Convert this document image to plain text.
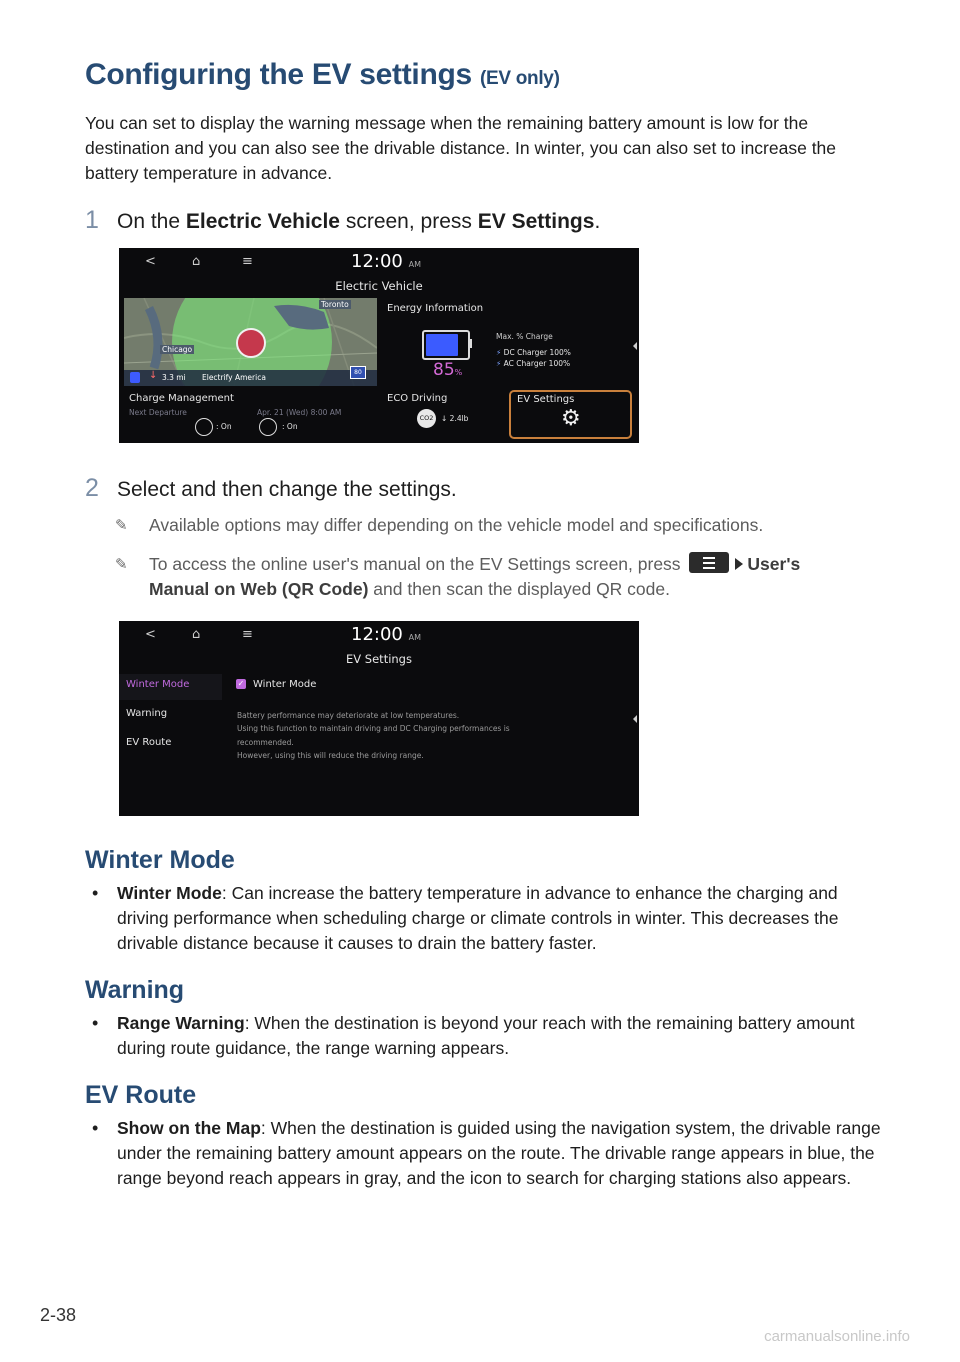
Configuring the EV settings (EV only)

You can set to display the warning message when the remaining battery amount is low for the destination and you can also see the drivable distance. In winter, you can also set to increase the battery temperature in advance.

1 On the Electric Vehicle screen, press EV Settings.
<	⌂	≡	12:00 AM
Electric Vehicle
Toronto
Chicago
↓ 3.3 mi Electrify America
80
Energy Information
85%
Max. % Charge
⚡ DC Charger 100%
⚡ AC Charger 100%
Charge Management
Next Departure	Apr. 21 (Wed) 8:00 AM
: On	: On
ECO Driving
CO2	↓ 2.4lb
EV Settings
⚙
2 Select and then change the settings.
✎	Available options may differ depending on the vehicle model and specifications.
✎	To access the online user's manual on the EV Settings screen, press	User's Manual on Web (QR Code) and then scan the displayed QR code.
<	⌂	≡	12:00 AM
EV Settings
Winter Mode
Warning
EV Route
✓ Winter Mode
Battery performance may deteriorate at low temperatures.
Using this function to maintain driving and DC Charging performances is
recommended.
However, using this will reduce the driving range.
Winter Mode
•	Winter Mode: Can increase the battery temperature in advance to enhance the charging and driving performance when scheduling charge or climate controls in winter. This decreases the drivable distance because it causes to drain the battery faster.
Warning
•	Range Warning: When the destination is beyond your reach with the remaining battery amount during route guidance, the range warning appears.
EV Route
•	Show on the Map: When the destination is guided using the navigation system, the drivable range under the remaining battery amount appears on the route. The drivable range appears in blue, the range beyond reach appears in gray, and the icon to search for charging stations also appears.
2-38
carmanualsonline.info
